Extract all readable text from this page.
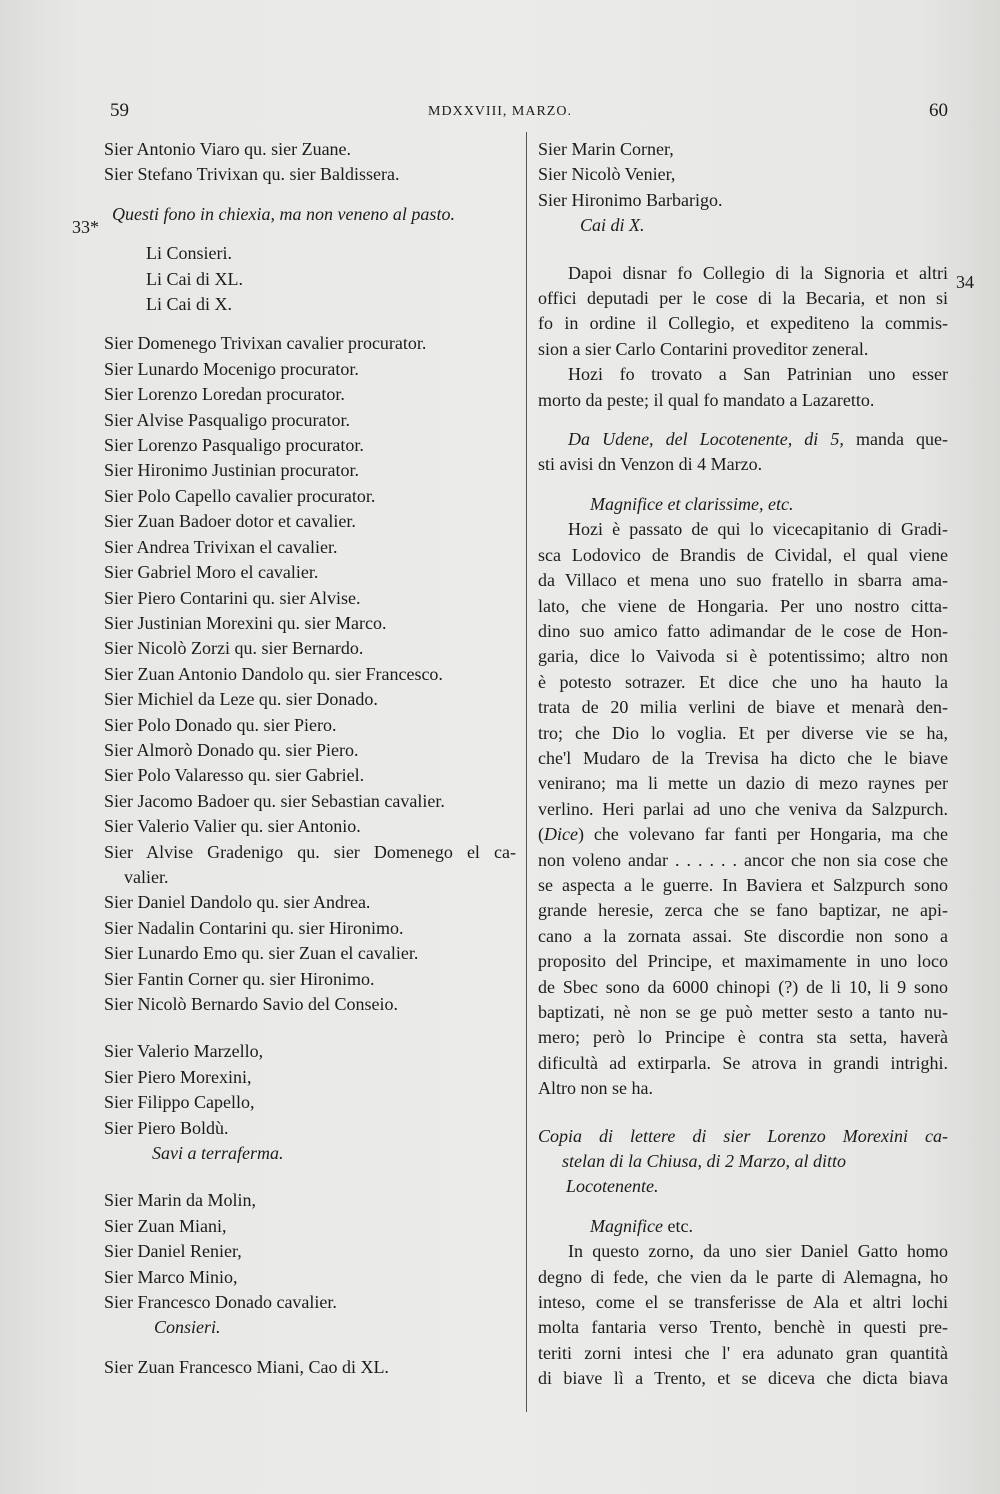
59	MDXXVIII, MARZO.	60
33*
34
Sier Antonio Viaro qu. sier Zuane.
Sier Stefano Trivixan qu. sier Baldissera.
Questi fono in chiexia, ma non veneno al pasto.
Li Consieri.
Li Cai di XL.
Li Cai di X.
Sier Domenego Trivixan cavalier procurator.
Sier Lunardo Mocenigo procurator.
Sier Lorenzo Loredan procurator.
Sier Alvise Pasqualigo procurator.
Sier Lorenzo Pasqualigo procurator.
Sier Hironimo Justinian procurator.
Sier Polo Capello cavalier procurator.
Sier Zuan Badoer dotor et cavalier.
Sier Andrea Trivixan el cavalier.
Sier Gabriel Moro el cavalier.
Sier Piero Contarini qu. sier Alvise.
Sier Justinian Morexini qu. sier Marco.
Sier Nicolò Zorzi qu. sier Bernardo.
Sier Zuan Antonio Dandolo qu. sier Francesco.
Sier Michiel da Leze qu. sier Donado.
Sier Polo Donado qu. sier Piero.
Sier Almorò Donado qu. sier Piero.
Sier Polo Valaresso qu. sier Gabriel.
Sier Jacomo Badoer qu. sier Sebastian cavalier.
Sier Valerio Valier qu. sier Antonio.
Sier Alvise Gradenigo qu. sier Domenego el ca-
valier.
Sier Daniel Dandolo qu. sier Andrea.
Sier Nadalin Contarini qu. sier Hironimo.
Sier Lunardo Emo qu. sier Zuan el cavalier.
Sier Fantin Corner qu. sier Hironimo.
Sier Nicolò Bernardo Savio del Conseio.
Sier Valerio Marzello,
Sier Piero Morexini,
Sier Filippo Capello,
Sier Piero Boldù.
Savi a terraferma.
Sier Marin da Molin,
Sier Zuan Miani,
Sier Daniel Renier,
Sier Marco Minio,
Sier Francesco Donado cavalier.
Consieri.
Sier Zuan Francesco Miani, Cao di XL.
Sier Marin Corner,
Sier Nicolò Venier,
Sier Hironimo Barbarigo.
Cai di X.
Dapoi disnar fo Collegio di la Signoria et altri
offici deputadi per le cose di la Becaria, et non si
fo in ordine il Collegio, et expediteno la commis-
sion a sier Carlo Contarini proveditor zeneral.
Hozi fo trovato a San Patrinian uno esser
morto da peste; il qual fo mandato a Lazaretto.
Da Udene, del Locotenente, di 5, manda que-
sti avisi dn Venzon di 4 Marzo.
Magnifice et clarissime, etc.
Hozi è passato de qui lo vicecapitanio di Gradi-
sca Lodovico de Brandis de Cividal, el qual viene
da Villaco et mena uno suo fratello in sbarra ama-
lato, che viene de Hongaria. Per uno nostro citta-
dino suo amico fatto adimandar de le cose de Hon-
garia, dice lo Vaivoda si è potentissimo; altro non
è potesto sotrazer. Et dice che uno ha hauto la
trata de 20 milia verlini de biave et menarà den-
tro; che Dio lo voglia. Et per diverse vie se ha,
che'l Mudaro de la Trevisa ha dicto che le biave
venirano; ma li mette un dazio di mezo raynes per
verlino. Heri parlai ad uno che veniva da Salzpurch.
(Dice) che volevano far fanti per Hongaria, ma che
non voleno andar . . . . . . ancor che non sia cose che
se aspecta a le guerre. In Baviera et Salzpurch sono
grande heresie, zerca che se fano baptizar, ne api-
cano a la zornata assai. Ste discordie non sono a
proposito del Principe, et maximamente in uno loco
de Sbec sono da 6000 chinopi (?) de li 10, li 9 sono
baptizati, nè non se ge può metter sesto a tanto nu-
mero; però lo Principe è contra sta setta, haverà
dificultà ad extirparla. Se atrova in grandi intrighi.
Altro non se ha.
Copia di lettere di sier Lorenzo Morexini ca-
stelan di la Chiusa, di 2 Marzo, al ditto
Locotenente.
Magnifice etc.
In questo zorno, da uno sier Daniel Gatto homo
degno di fede, che vien da le parte di Alemagna, ho
inteso, come el se transferisse de Ala et altri lochi
molta fantaria verso Trento, benchè in questi pre-
teriti zorni intesi che l' era adunato gran quantità
di biave lì a Trento, et se diceva che dicta biava
